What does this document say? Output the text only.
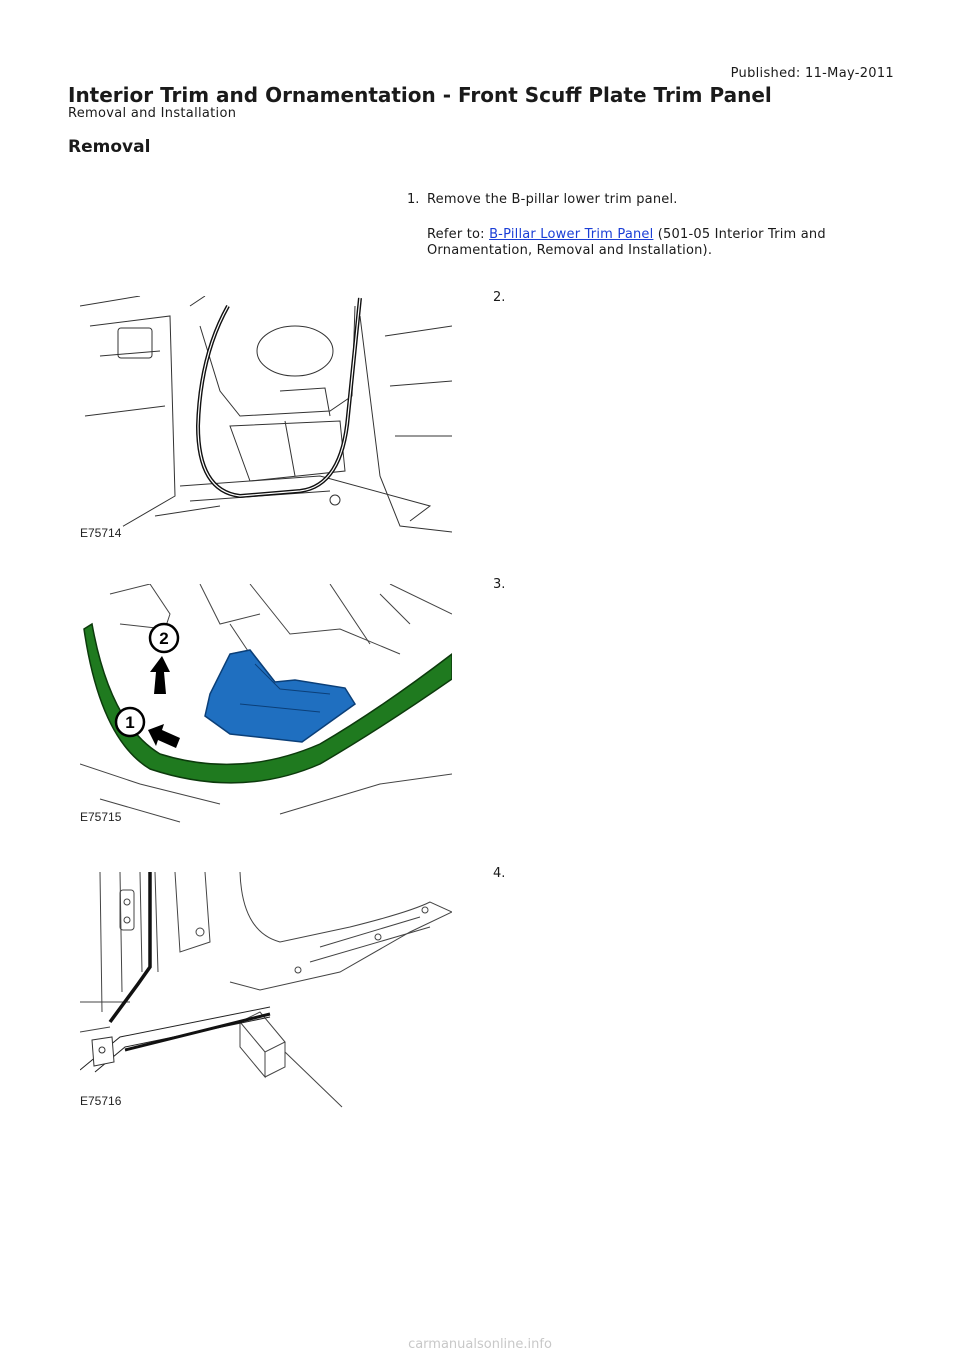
Published: 11-May-2011
Interior Trim and Ornamentation - Front Scuff Plate Trim Panel
Removal and Installation
Removal
1. Remove the B-pillar lower trim panel.
Refer to: B-Pillar Lower Trim Panel (501-05 Interior Trim and Ornamentation, Removal and Installation).
E75714
2.
2
1
E75715
3.
E75716
4.
carmanualsonline.info
